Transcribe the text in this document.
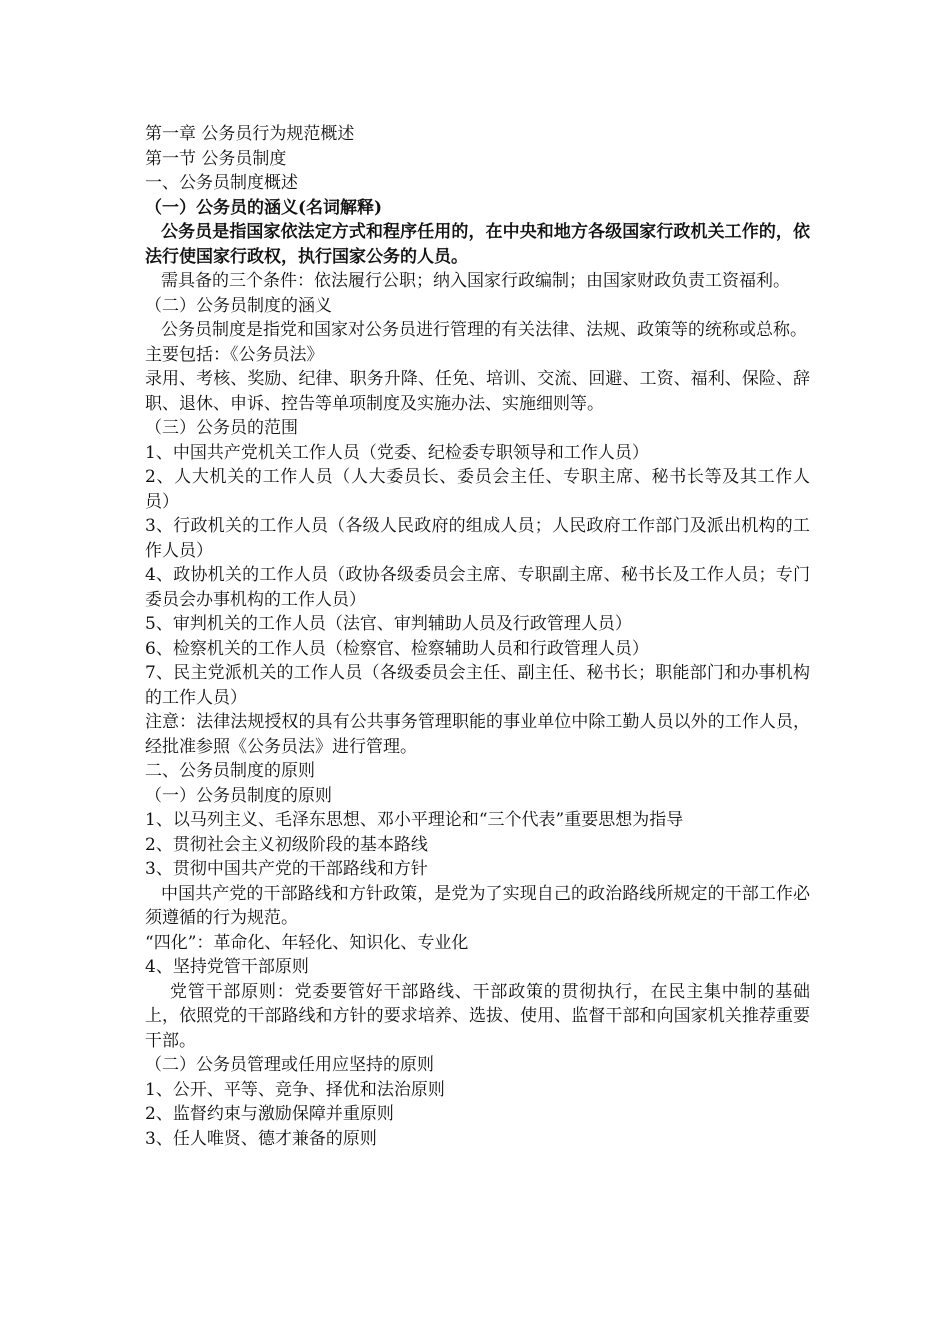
第一章 公务员行为规范概述

第一节 公务员制度

一、公务员制度概述

（一）公务员的涵义(名词解释)

公务员是指国家依法定方式和程序任用的，在中央和地方各级国家行政机关工作的，依法行使国家行政权，执行国家公务的人员。

需具备的三个条件：依法履行公职；纳入国家行政编制；由国家财政负责工资福利。

（二）公务员制度的涵义

公务员制度是指党和国家对公务员进行管理的有关法律、法规、政策等的统称或总称。

主要包括：《公务员法》

录用、考核、奖励、纪律、职务升降、任免、培训、交流、回避、工资、福利、保险、辞职、退休、申诉、控告等单项制度及实施办法、实施细则等。

（三）公务员的范围

1、中国共产党机关工作人员（党委、纪检委专职领导和工作人员）

2、人大机关的工作人员（人大委员长、委员会主任、专职主席、秘书长等及其工作人员）

3、行政机关的工作人员（各级人民政府的组成人员；人民政府工作部门及派出机构的工作人员）

4、政协机关的工作人员（政协各级委员会主席、专职副主席、秘书长及工作人员；专门委员会办事机构的工作人员）

5、审判机关的工作人员（法官、审判辅助人员及行政管理人员）

6、检察机关的工作人员（检察官、检察辅助人员和行政管理人员）

7、民主党派机关的工作人员（各级委员会主任、副主任、秘书长；职能部门和办事机构的工作人员）

注意：法律法规授权的具有公共事务管理职能的事业单位中除工勤人员以外的工作人员，经批准参照《公务员法》进行管理。

二、公务员制度的原则

（一）公务员制度的原则

1、以马列主义、毛泽东思想、邓小平理论和“三个代表”重要思想为指导

2、贯彻社会主义初级阶段的基本路线

3、贯彻中国共产党的干部路线和方针

中国共产党的干部路线和方针政策，是党为了实现自己的政治路线所规定的干部工作必须遵循的行为规范。

“四化”：革命化、年轻化、知识化、专业化

4、坚持党管干部原则

党管干部原则：党委要管好干部路线、干部政策的贯彻执行，在民主集中制的基础上，依照党的干部路线和方针的要求培养、选拔、使用、监督干部和向国家机关推荐重要干部。

（二）公务员管理或任用应坚持的原则

1、公开、平等、竞争、择优和法治原则

2、监督约束与激励保障并重原则

3、任人唯贤、德才兼备的原则
